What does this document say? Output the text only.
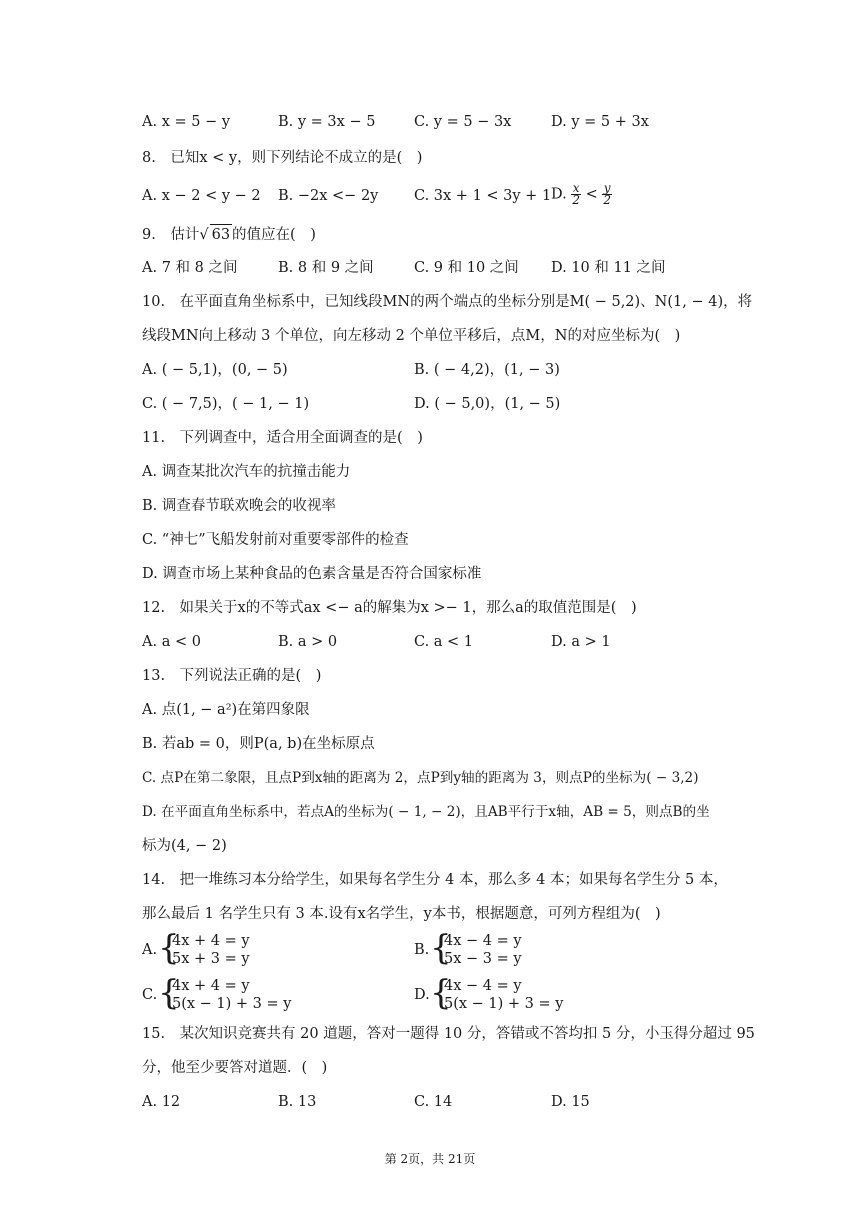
A. x = 5 − y	B. y = 3x − 5	C. y = 5 − 3x	D. y = 5 + 3x
8.　已知x < y，则下列结论不成立的是(　)
A. x − 2 < y − 2 B. −2x <− 2y C. 3x + 1 < 3y + 1 D. $\frac{x}{2} < \frac{y}{2}$
9.　估计√ 63 的值应在(　)
A. 7 和 8 之间	B. 8 和 9 之间	C. 9 和 10 之间 D. 10 和 11 之间
10.　在平面直角坐标系中，已知线段MN的两个端点的坐标分别是M( − 5,2)、N(1, − 4)，将
线段MN向上移动 3 个单位，向左移动 2 个单位平移后，点M，N的对应坐标为(　)
A. ( − 5,1)，(0, − 5)	B. ( − 4,2)，(1, − 3)
C. ( − 7,5)，( − 1, − 1)	D. ( − 5,0)，(1, − 5)
11.　下列调查中，适合用全面调查的是(　)
A. 调查某批次汽车的抗撞击能力
B. 调查春节联欢晚会的收视率
C. “神七”飞船发射前对重要零部件的检查
D. 调查市场上某种食品的色素含量是否符合国家标准
12.　如果关于x的不等式ax <− a的解集为x >− 1，那么a的取值范围是(　)
A. a < 0	B. a > 0	C. a < 1	D. a > 1
13.　下列说法正确的是(　)
A. 点(1, − a²)在第四象限
B. 若ab = 0，则P(a, b)在坐标原点
C. 点P在第二象限，且点P到x轴的距离为 2，点P到y轴的距离为 3，则点P的坐标为( − 3,2)
D. 在平面直角坐标系中，若点A的坐标为( − 1, − 2)，且AB平行于x轴，AB = 5，则点B的坐
标为(4, − 2)
14.　把一堆练习本分给学生，如果每名学生分 4 本，那么多 4 本；如果每名学生分 5 本，
那么最后 1 名学生只有 3 本.设有x名学生，y本书，根据题意，可列方程组为(　)
A. {
4x + 4 = y
5x + 3 = y
B. {
4x − 4 = y
5x − 3 = y
C. {
4x + 4 = y
5(x − 1) + 3 = y
D. {
4x − 4 = y
5(x − 1) + 3 = y
15.　某次知识竞赛共有 20 道题，答对一题得 10 分，答错或不答均扣 5 分，小玉得分超过 95
分，他至少要答对道题．(　)
A. 12	B. 13	C. 14	D. 15
第 2页，共 21页
